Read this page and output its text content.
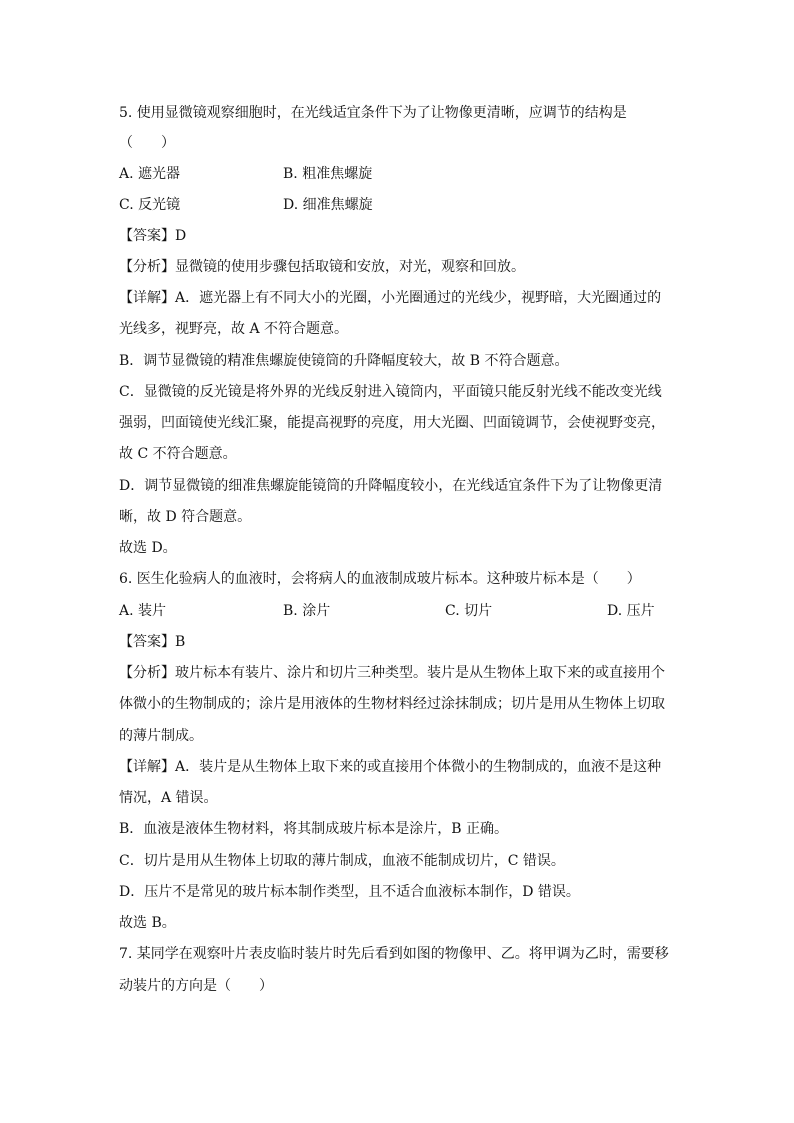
5. 使用显微镜观察细胞时，在光线适宜条件下为了让物像更清晰，应调节的结构是
（　　）
A. 遮光器	B. 粗准焦螺旋
C. 反光镜	D. 细准焦螺旋
【答案】D
【分析】显微镜的使用步骤包括取镜和安放，对光，观察和回放。
【详解】A．遮光器上有不同大小的光圈，小光圈通过的光线少，视野暗，大光圈通过的
光线多，视野亮，故 A 不符合题意。
B．调节显微镜的精准焦螺旋使镜筒的升降幅度较大，故 B 不符合题意。
C．显微镜的反光镜是将外界的光线反射进入镜筒内，平面镜只能反射光线不能改变光线
强弱，凹面镜使光线汇聚，能提高视野的亮度，用大光圈、凹面镜调节，会使视野变亮，
故 C 不符合题意。
D．调节显微镜的细准焦螺旋能镜筒的升降幅度较小，在光线适宜条件下为了让物像更清
晰，故 D 符合题意。
故选 D。
6. 医生化验病人的血液时，会将病人的血液制成玻片标本。这种玻片标本是（　　）
A. 装片	B. 涂片	C. 切片	D. 压片
【答案】B
【分析】玻片标本有装片、涂片和切片三种类型。装片是从生物体上取下来的或直接用个
体微小的生物制成的；涂片是用液体的生物材料经过涂抹制成；切片是用从生物体上切取
的薄片制成。
【详解】A．装片是从生物体上取下来的或直接用个体微小的生物制成的，血液不是这种
情况，A 错误。
B．血液是液体生物材料，将其制成玻片标本是涂片，B 正确。
C．切片是用从生物体上切取的薄片制成，血液不能制成切片，C 错误。
D．压片不是常见的玻片标本制作类型，且不适合血液标本制作，D 错误。
故选 B。
7. 某同学在观察叶片表皮临时装片时先后看到如图的物像甲、乙。将甲调为乙时，需要移
动装片的方向是（　　）
